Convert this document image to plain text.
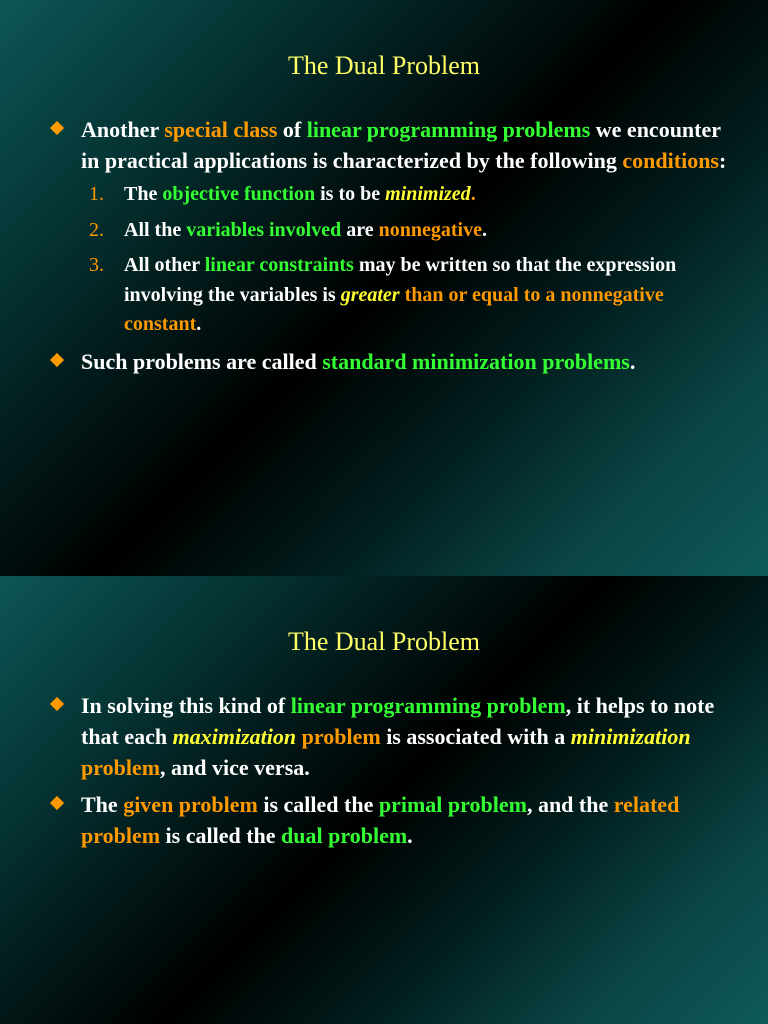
The Dual Problem
Another special class of linear programming problems we encounter in practical applications is characterized by the following conditions:
1. The objective function is to be minimized.
2. All the variables involved are nonnegative.
3. All other linear constraints may be written so that the expression involving the variables is greater than or equal to a nonnegative constant.
Such problems are called standard minimization problems.
The Dual Problem
In solving this kind of linear programming problem, it helps to note that each maximization problem is associated with a minimization problem, and vice versa.
The given problem is called the primal problem, and the related problem is called the dual problem.
